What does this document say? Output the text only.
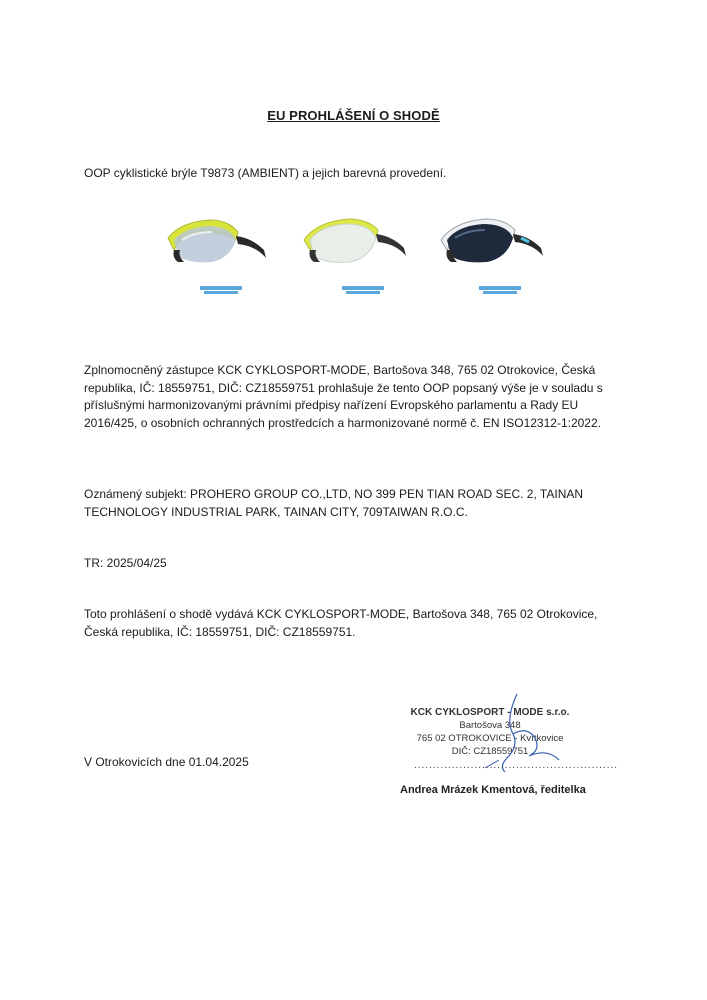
EU PROHLÁŠENÍ O SHODĚ

OOP cyklistické brýle T9873 (AMBIENT) a jejich barevná provedení.

Zplnomocněný zástupce KCK CYKLOSPORT-MODE, Bartošova 348, 765 02 Otrokovice, Česká republika, IČ: 18559751, DIČ: CZ18559751 prohlašuje že tento OOP popsaný výše je v souladu s příslušnými harmonizovanými právními předpisy nařízení Evropského parlamentu a Rady EU 2016/425, o osobních ochranných prostředcích a harmonizované normě č. EN ISO12312-1:2022.

Oznámený subjekt: PROHERO GROUP CO.,LTD, NO 399 PEN TIAN ROAD SEC. 2, TAINAN TECHNOLOGY INDUSTRIAL PARK, TAINAN CITY, 709TAIWAN R.O.C.

TR: 2025/04/25

Toto prohlášení o shodě vydává KCK CYKLOSPORT-MODE, Bartošova 348, 765 02 Otrokovice, Česká republika, IČ: 18559751, DIČ: CZ18559751.

V Otrokovicích dne 01.04.2025

KCK CYKLOSPORT - MODE s.r.o.
Bartošova 348
765 02 OTROKOVICE - Kvítkovice
DIČ: CZ18559751
......................................................
Andrea Mrázek Kmentová, ředitelka
